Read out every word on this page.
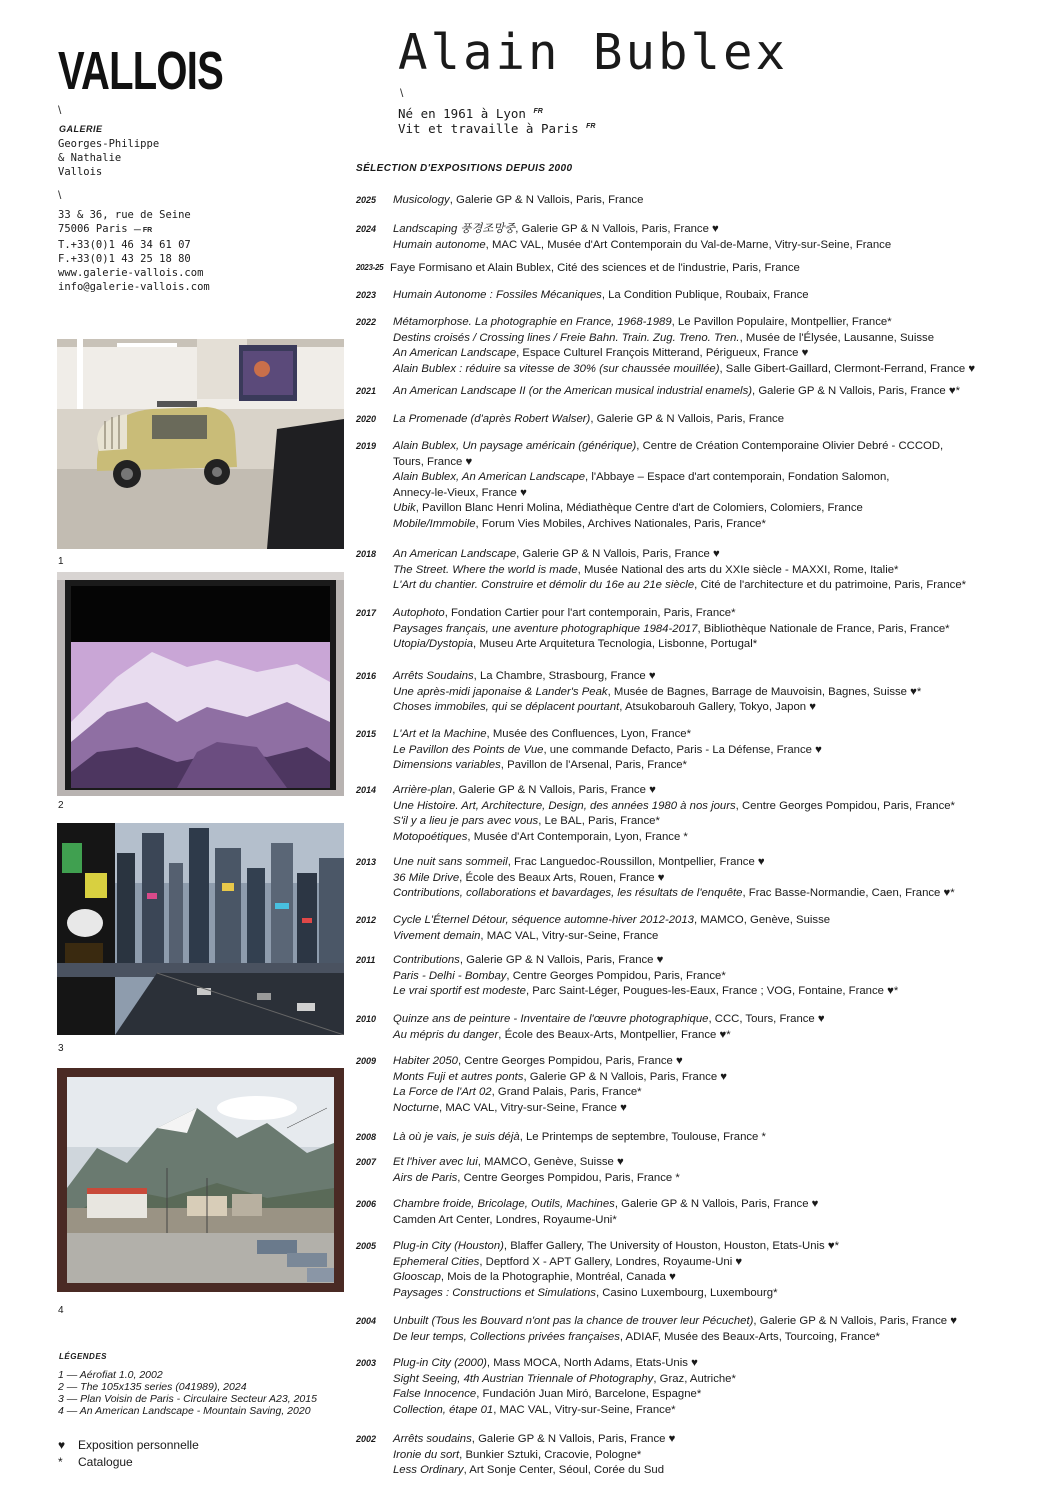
VALLOIS
\
GALERIE
Georges-Philippe
& Nathalie
Vallois
\
33 & 36, rue de Seine
75006 Paris — FR
T.+33(0)1 46 34 61 07
F.+33(0)1 43 25 18 80
www.galerie-vallois.com
info@galerie-vallois.com
1
2
3
4
LÉGENDES
1 — Aérofiat 1.0, 2002
2 — The 105x135 series (041989), 2024
3 — Plan Voisin de Paris - Circulaire Secteur A23, 2015
4 — An American Landscape - Mountain Saving, 2020
♥ Exposition personnelle
* Catalogue
Alain Bublex
\
Né en 1961 à Lyon $^{FR}$
Vit et travaille à Paris $^{FR}$
SÉLECTION D'EXPOSITIONS DEPUIS 2000
2025	Musicology, Galerie GP & N Vallois, Paris, France
2024	Landscaping 풍경조망중, Galerie GP & N Vallois, Paris, France ♥
Humain autonome, MAC VAL, Musée d'Art Contemporain du Val-de-Marne, Vitry-sur-Seine, France
2023-25 Faye Formisano et Alain Bublex, Cité des sciences et de l'industrie, Paris, France
2023	Humain Autonome : Fossiles Mécaniques, La Condition Publique, Roubaix, France
2022	Métamorphose. La photographie en France, 1968-1989, Le Pavillon Populaire, Montpellier, France*
Destins croisés / Crossing lines / Freie Bahn. Train. Zug. Treno. Tren., Musée de l'Élysée, Lausanne, Suisse
An American Landscape, Espace Culturel François Mitterand, Périgueux, France ♥
Alain Bublex : réduire sa vitesse de 30% (sur chaussée mouillée), Salle Gibert-Gaillard, Clermont-Ferrand, France ♥
2021	An American Landscape II (or the American musical industrial enamels), Galerie GP & N Vallois, Paris, France ♥*
2020	La Promenade (d'après Robert Walser), Galerie GP & N Vallois, Paris, France
2019	Alain Bublex, Un paysage américain (générique), Centre de Création Contemporaine Olivier Debré - CCCOD,
Tours, France ♥
Alain Bublex, An American Landscape, l'Abbaye – Espace d'art contemporain, Fondation Salomon,
Annecy-le-Vieux, France ♥
Ubik, Pavillon Blanc Henri Molina, Médiathèque Centre d'art de Colomiers, Colomiers, France
Mobile/Immobile, Forum Vies Mobiles, Archives Nationales, Paris, France*
2018	An American Landscape, Galerie GP & N Vallois, Paris, France ♥
The Street. Where the world is made, Musée National des arts du XXIe siècle - MAXXI, Rome, Italie*
L'Art du chantier. Construire et démolir du 16e au 21e siècle, Cité de l'architecture et du patrimoine, Paris, France*
2017	Autophoto, Fondation Cartier pour l'art contemporain, Paris, France*
Paysages français, une aventure photographique 1984-2017, Bibliothèque Nationale de France, Paris, France*
Utopia/Dystopia, Museu Arte Arquitetura Tecnologia, Lisbonne, Portugal*
2016	Arrêts Soudains, La Chambre, Strasbourg, France ♥
Une après-midi japonaise & Lander's Peak, Musée de Bagnes, Barrage de Mauvoisin, Bagnes, Suisse ♥*
Choses immobiles, qui se déplacent pourtant, Atsukobarouh Gallery, Tokyo, Japon ♥
2015	L'Art et la Machine, Musée des Confluences, Lyon, France*
Le Pavillon des Points de Vue, une commande Defacto, Paris - La Défense, France ♥
Dimensions variables, Pavillon de l'Arsenal, Paris, France*
2014	Arrière-plan, Galerie GP & N Vallois, Paris, France ♥
Une Histoire. Art, Architecture, Design, des années 1980 à nos jours, Centre Georges Pompidou, Paris, France*
S'il y a lieu je pars avec vous, Le BAL, Paris, France*
Motopoétiques, Musée d'Art Contemporain, Lyon, France *
2013	Une nuit sans sommeil, Frac Languedoc-Roussillon, Montpellier, France ♥
36 Mile Drive, École des Beaux Arts, Rouen, France ♥
Contributions, collaborations et bavardages, les résultats de l'enquête, Frac Basse-Normandie, Caen, France ♥*
2012	Cycle L'Éternel Détour, séquence automne-hiver 2012-2013, MAMCO, Genève, Suisse
Vivement demain, MAC VAL, Vitry-sur-Seine, France
2011	Contributions, Galerie GP & N Vallois, Paris, France ♥
Paris - Delhi - Bombay, Centre Georges Pompidou, Paris, France*
Le vrai sportif est modeste, Parc Saint-Léger, Pougues-les-Eaux, France ; VOG, Fontaine, France ♥*
2010	Quinze ans de peinture - Inventaire de l'œuvre photographique, CCC, Tours, France ♥
Au mépris du danger, École des Beaux-Arts, Montpellier, France ♥*
2009	Habiter 2050, Centre Georges Pompidou, Paris, France ♥
Monts Fuji et autres ponts, Galerie GP & N Vallois, Paris, France ♥
La Force de l'Art 02, Grand Palais, Paris, France*
Nocturne, MAC VAL, Vitry-sur-Seine, France ♥
2008	Là où je vais, je suis déjà, Le Printemps de septembre, Toulouse, France *
2007	Et l'hiver avec lui, MAMCO, Genève, Suisse ♥
Airs de Paris, Centre Georges Pompidou, Paris, France *
2006	Chambre froide, Bricolage, Outils, Machines, Galerie GP & N Vallois, Paris, France ♥
Camden Art Center, Londres, Royaume-Uni*
2005	Plug-in City (Houston), Blaffer Gallery, The University of Houston, Houston, Etats-Unis ♥*
Ephemeral Cities, Deptford X - APT Gallery, Londres, Royaume-Uni ♥
Glooscap, Mois de la Photographie, Montréal, Canada ♥
Paysages : Constructions et Simulations, Casino Luxembourg, Luxembourg*
2004	Unbuilt (Tous les Bouvard n'ont pas la chance de trouver leur Pécuchet), Galerie GP & N Vallois, Paris, France ♥
De leur temps, Collections privées françaises, ADIAF, Musée des Beaux-Arts, Tourcoing, France*
2003	Plug-in City (2000), Mass MOCA, North Adams, Etats-Unis ♥
Sight Seeing, 4th Austrian Triennale of Photography, Graz, Autriche*
False Innocence, Fundación Juan Miró, Barcelone, Espagne*
Collection, étape 01, MAC VAL, Vitry-sur-Seine, France*
2002	Arrêts soudains, Galerie GP & N Vallois, Paris, France ♥
Ironie du sort, Bunkier Sztuki, Cracovie, Pologne*
Less Ordinary, Art Sonje Center, Séoul, Corée du Sud
